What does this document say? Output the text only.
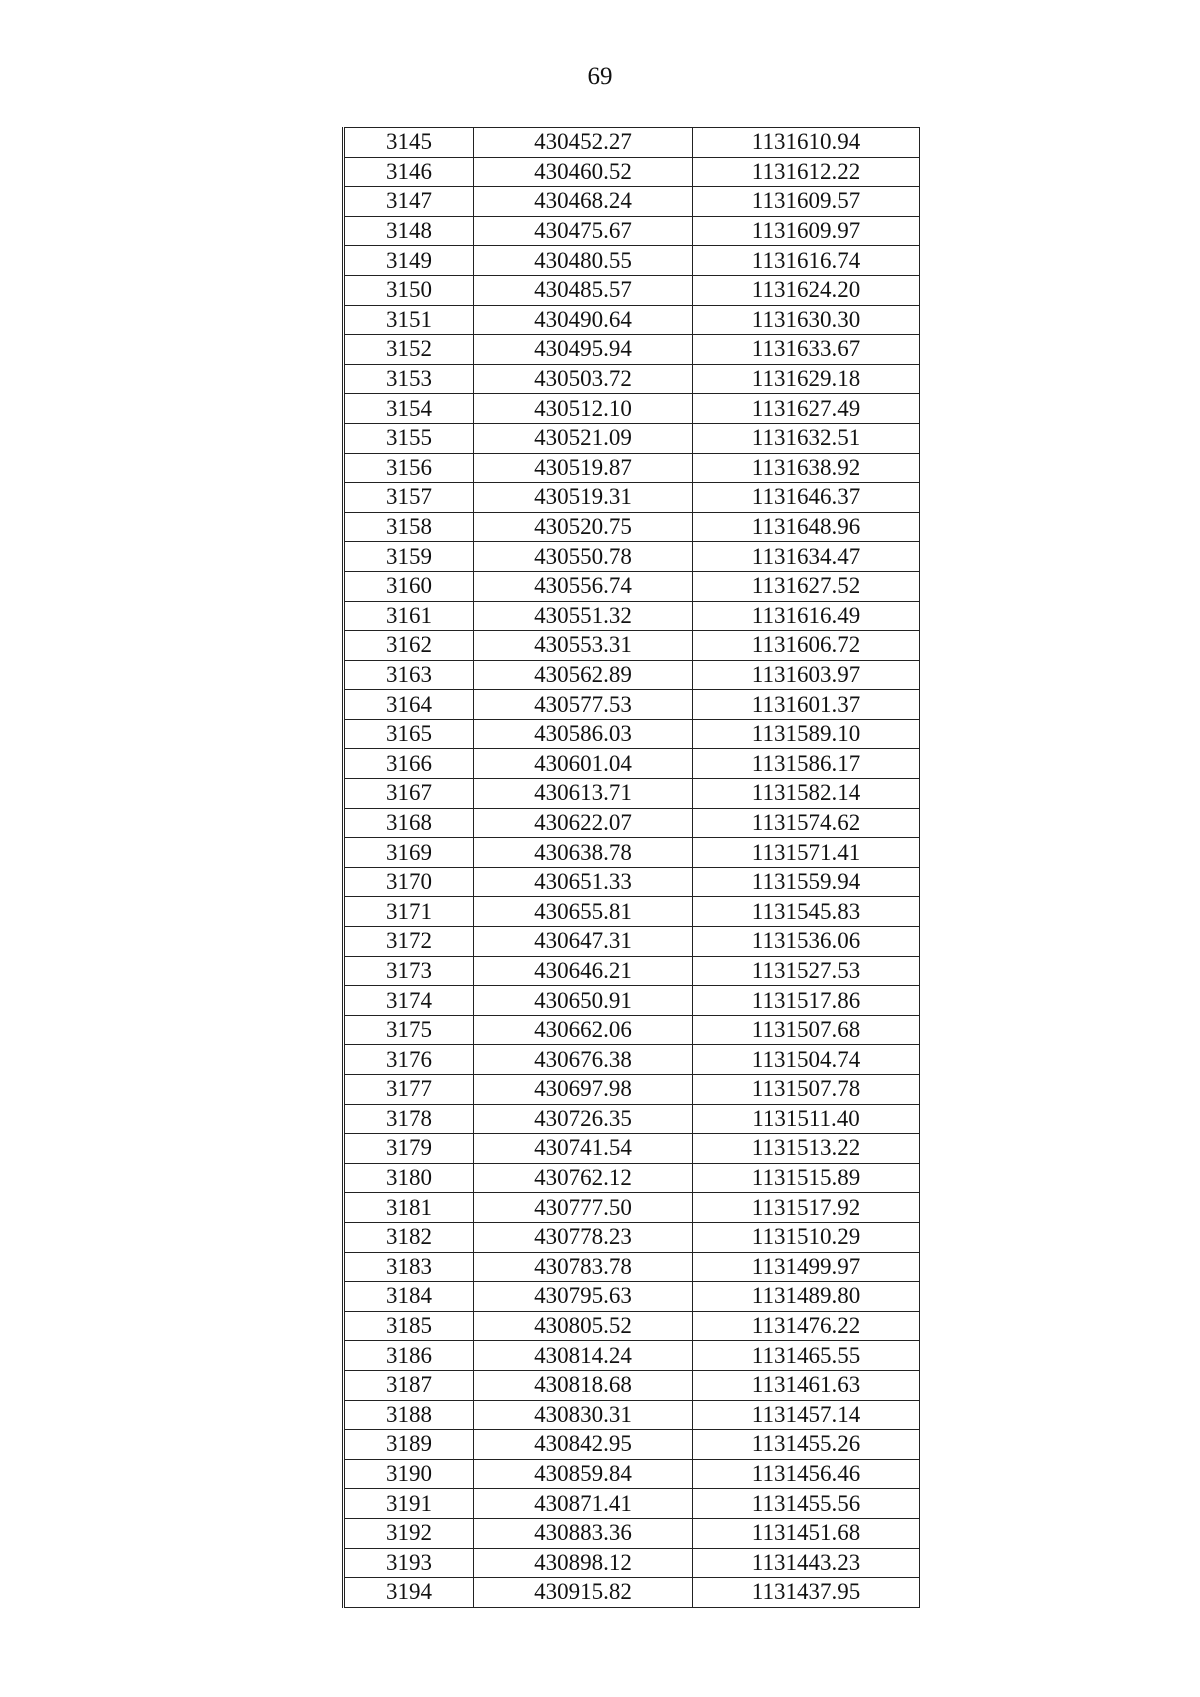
69
3145	430452.27	1131610.94
3146	430460.52	1131612.22
3147	430468.24	1131609.57
3148	430475.67	1131609.97
3149	430480.55	1131616.74
3150	430485.57	1131624.20
3151	430490.64	1131630.30
3152	430495.94	1131633.67
3153	430503.72	1131629.18
3154	430512.10	1131627.49
3155	430521.09	1131632.51
3156	430519.87	1131638.92
3157	430519.31	1131646.37
3158	430520.75	1131648.96
3159	430550.78	1131634.47
3160	430556.74	1131627.52
3161	430551.32	1131616.49
3162	430553.31	1131606.72
3163	430562.89	1131603.97
3164	430577.53	1131601.37
3165	430586.03	1131589.10
3166	430601.04	1131586.17
3167	430613.71	1131582.14
3168	430622.07	1131574.62
3169	430638.78	1131571.41
3170	430651.33	1131559.94
3171	430655.81	1131545.83
3172	430647.31	1131536.06
3173	430646.21	1131527.53
3174	430650.91	1131517.86
3175	430662.06	1131507.68
3176	430676.38	1131504.74
3177	430697.98	1131507.78
3178	430726.35	1131511.40
3179	430741.54	1131513.22
3180	430762.12	1131515.89
3181	430777.50	1131517.92
3182	430778.23	1131510.29
3183	430783.78	1131499.97
3184	430795.63	1131489.80
3185	430805.52	1131476.22
3186	430814.24	1131465.55
3187	430818.68	1131461.63
3188	430830.31	1131457.14
3189	430842.95	1131455.26
3190	430859.84	1131456.46
3191	430871.41	1131455.56
3192	430883.36	1131451.68
3193	430898.12	1131443.23
3194	430915.82	1131437.95
